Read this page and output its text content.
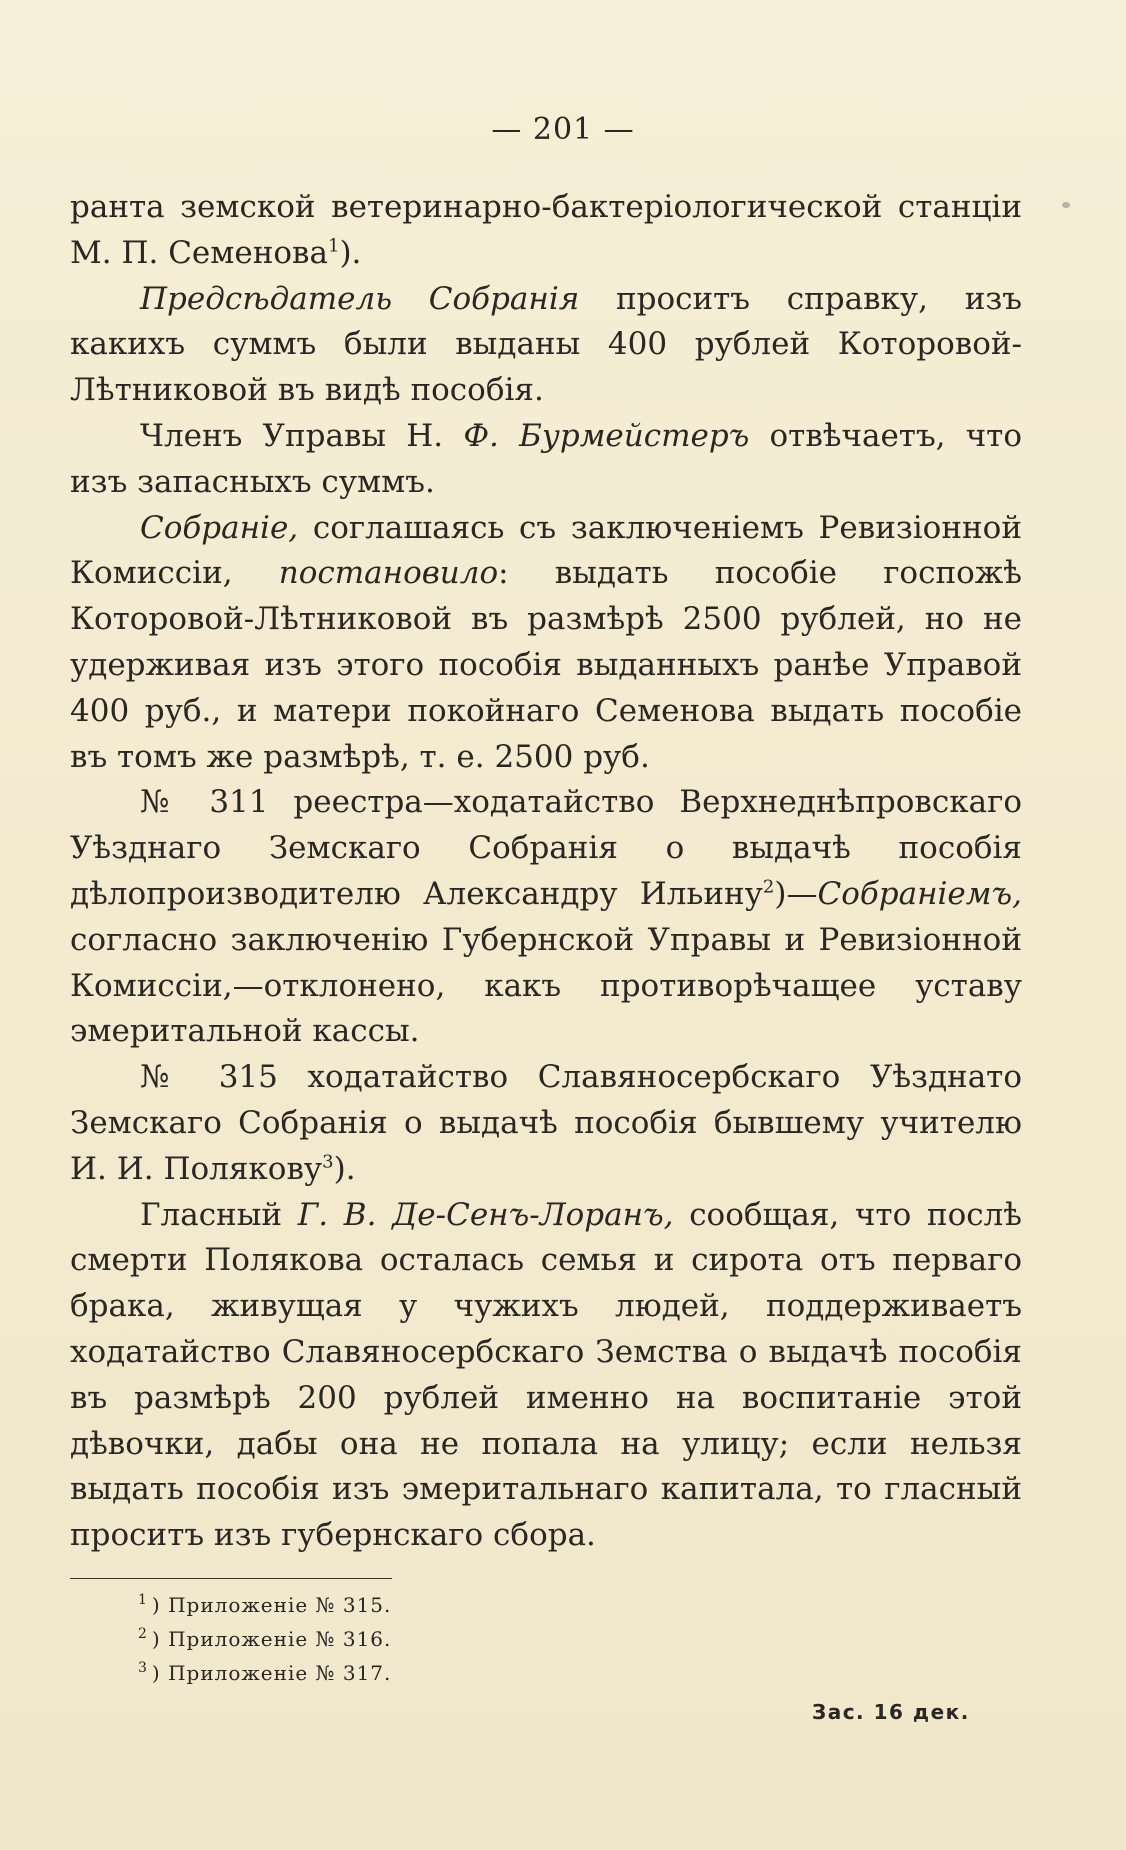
— 201 —

ранта земской ветеринарно-бактеріологической станціи М. П. Семенова$^1$).

Предсѣдатель Собранія проситъ справку, изъ какихъ суммъ были выданы 400 рублей Которовой-Лѣтниковой въ видѣ пособія.

Членъ Управы Н. Ф. Бурмейстеръ отвѣчаетъ, что изъ запасныхъ суммъ.

Собраніе, соглашаясь съ заключеніемъ Ревизіонной Комиссіи, постановило: выдать пособіе госпожѣ Которовой-Лѣтниковой въ размѣрѣ 2500 рублей, но не удерживая изъ этого пособія выданныхъ ранѣе Управой 400 руб., и матери покойнаго Семенова выдать пособіе въ томъ же размѣрѣ, т. е. 2500 руб.

№ 311 реестра—ходатайство Верхнеднѣпровскаго Уѣзднаго Земскаго Собранія о выдачѣ пособія дѣлопроизводителю Александру Ильину$^2$)—Собраніемъ, согласно заключенію Губернской Управы и Ревизіонной Комиссіи,—отклонено, какъ противорѣчащее уставу эмеритальной кассы.

№ 315 ходатайство Славяносербскаго Уѣзднато Земскаго Собранія о выдачѣ пособія бывшему учителю И. И. Полякову$^3$).

Гласный Г. В. Де-Сенъ-Лоранъ, сообщая, что послѣ смерти Полякова осталась семья и сирота отъ перваго брака, живущая у чужихъ людей, поддерживаетъ ходатайство Славяносербскаго Земства о выдачѣ пособія въ размѣрѣ 200 рублей именно на воспитаніе этой дѣвочки, дабы она не попала на улицу; если нельзя выдать пособія изъ эмеритальнаго капитала, то гласный проситъ изъ губернскаго сбора.

$^1$ ) Приложеніе № 315.
$^2$ ) Приложеніе № 316.
$^3$ ) Приложеніе № 317.
Зас. 16 дек.
